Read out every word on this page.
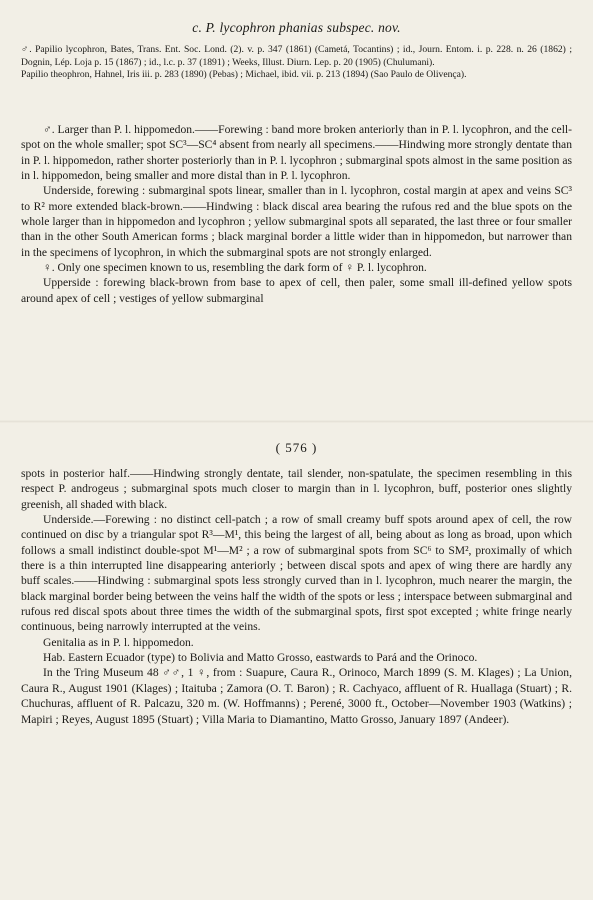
c. P. lycophron phanias subspec. nov.

♂. Papilio lycophron, Bates, Trans. Ent. Soc. Lond. (2). v. p. 347 (1861) (Cametá, Tocantins) ; id., Journ. Entom. i. p. 228. n. 26 (1862) ; Dognin, Lép. Loja p. 15 (1867) ; id., l.c. p. 37 (1891) ; Weeks, Illust. Diurn. Lep. p. 20 (1905) (Chulumani).

Papilio theophron, Hahnel, Iris iii. p. 283 (1890) (Pebas) ; Michael, ibid. vii. p. 213 (1894) (Sao Paulo de Olivença).

♂. Larger than P. l. hippomedon.——Forewing : band more broken anteriorly than in P. l. lycophron, and the cell-spot on the whole smaller; spot SC³—SC⁴ absent from nearly all specimens.——Hindwing more strongly dentate than in P. l. hippomedon, rather shorter posteriorly than in P. l. lycophron ; submarginal spots almost in the same position as in l. hippomedon, being smaller and more distal than in P. l. lycophron.

Underside, forewing : submarginal spots linear, smaller than in l. lycophron, costal margin at apex and veins SC³ to R² more extended black-brown.——Hindwing : black discal area bearing the rufous red and the blue spots on the whole larger than in hippomedon and lycophron ; yellow submarginal spots all separated, the last three or four smaller than in the other South American forms ; black marginal border a little wider than in hippomedon, but narrower than in the specimens of lycophron, in which the submarginal spots are not strongly enlarged.

♀. Only one specimen known to us, resembling the dark form of ♀ P. l. lycophron.

Upperside : forewing black-brown from base to apex of cell, then paler, some small ill-defined yellow spots around apex of cell ; vestiges of yellow submarginal

( 576 )

spots in posterior half.——Hindwing strongly dentate, tail slender, non-spatulate, the specimen resembling in this respect P. androgeus ; submarginal spots much closer to margin than in l. lycophron, buff, posterior ones slightly greenish, all shaded with black.

Underside.—Forewing : no distinct cell-patch ; a row of small creamy buff spots around apex of cell, the row continued on disc by a triangular spot R³—M¹, this being the largest of all, being about as long as broad, upon which follows a small indistinct double-spot M¹—M² ; a row of submarginal spots from SC⁶ to SM², proximally of which there is a thin interrupted line disappearing anteriorly ; between discal spots and apex of wing there are hardly any buff scales.——Hindwing : submarginal spots less strongly curved than in l. lycophron, much nearer the margin, the black marginal border being between the veins half the width of the spots or less ; interspace between submarginal and rufous red discal spots about three times the width of the submarginal spots, first spot excepted ; white fringe nearly continuous, being narrowly interrupted at the veins.

Genitalia as in P. l. hippomedon.

Hab. Eastern Ecuador (type) to Bolivia and Matto Grosso, eastwards to Pará and the Orinoco.

In the Tring Museum 48 ♂♂, 1 ♀, from : Suapure, Caura R., Orinoco, March 1899 (S. M. Klages) ; La Union, Caura R., August 1901 (Klages) ; Itaituba ; Zamora (O. T. Baron) ; R. Cachyaco, affluent of R. Huallaga (Stuart) ; R. Chuchuras, affluent of R. Palcazu, 320 m. (W. Hoffmanns) ; Perené, 3000 ft., October—November 1903 (Watkins) ; Mapiri ; Reyes, August 1895 (Stuart) ; Villa Maria to Diamantino, Matto Grosso, January 1897 (Andeer).
